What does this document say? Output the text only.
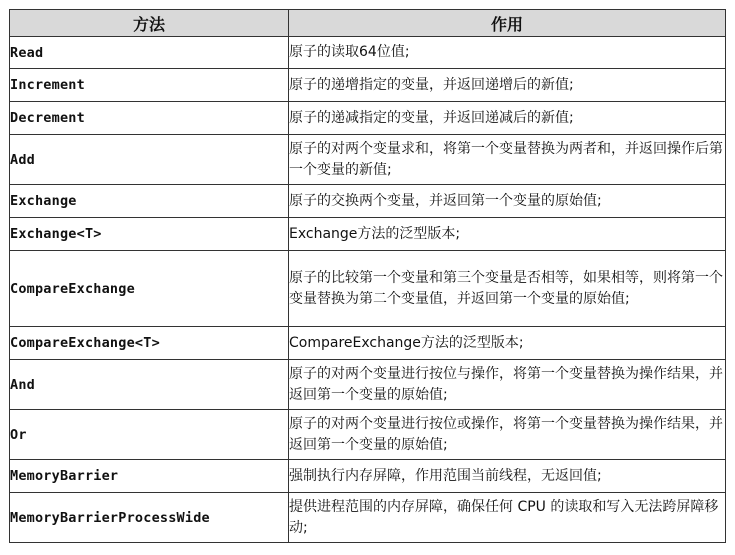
方法	作用
Read	原子的读取64位值;
Increment	原子的递增指定的变量，并返回递增后的新值;
Decrement	原子的递减指定的变量，并返回递减后的新值;
Add	原子的对两个变量求和，将第一个变量替换为两者和，并返回操作后第一个变量的新值;
Exchange	原子的交换两个变量，并返回第一个变量的原始值;
Exchange<T>	Exchange方法的泛型版本;
CompareExchange	原子的比较第一个变量和第三个变量是否相等，如果相等，则将第一个变量替换为第二个变量值，并返回第一个变量的原始值;
CompareExchange<T>	CompareExchange方法的泛型版本;
And	原子的对两个变量进行按位与操作，将第一个变量替换为操作结果，并返回第一个变量的原始值;
Or	原子的对两个变量进行按位或操作，将第一个变量替换为操作结果，并返回第一个变量的原始值;
MemoryBarrier	强制执行内存屏障，作用范围当前线程，无返回值;
MemoryBarrierProcessWide	提供进程范围的内存屏障，确保任何 CPU 的读取和写入无法跨屏障移动;
